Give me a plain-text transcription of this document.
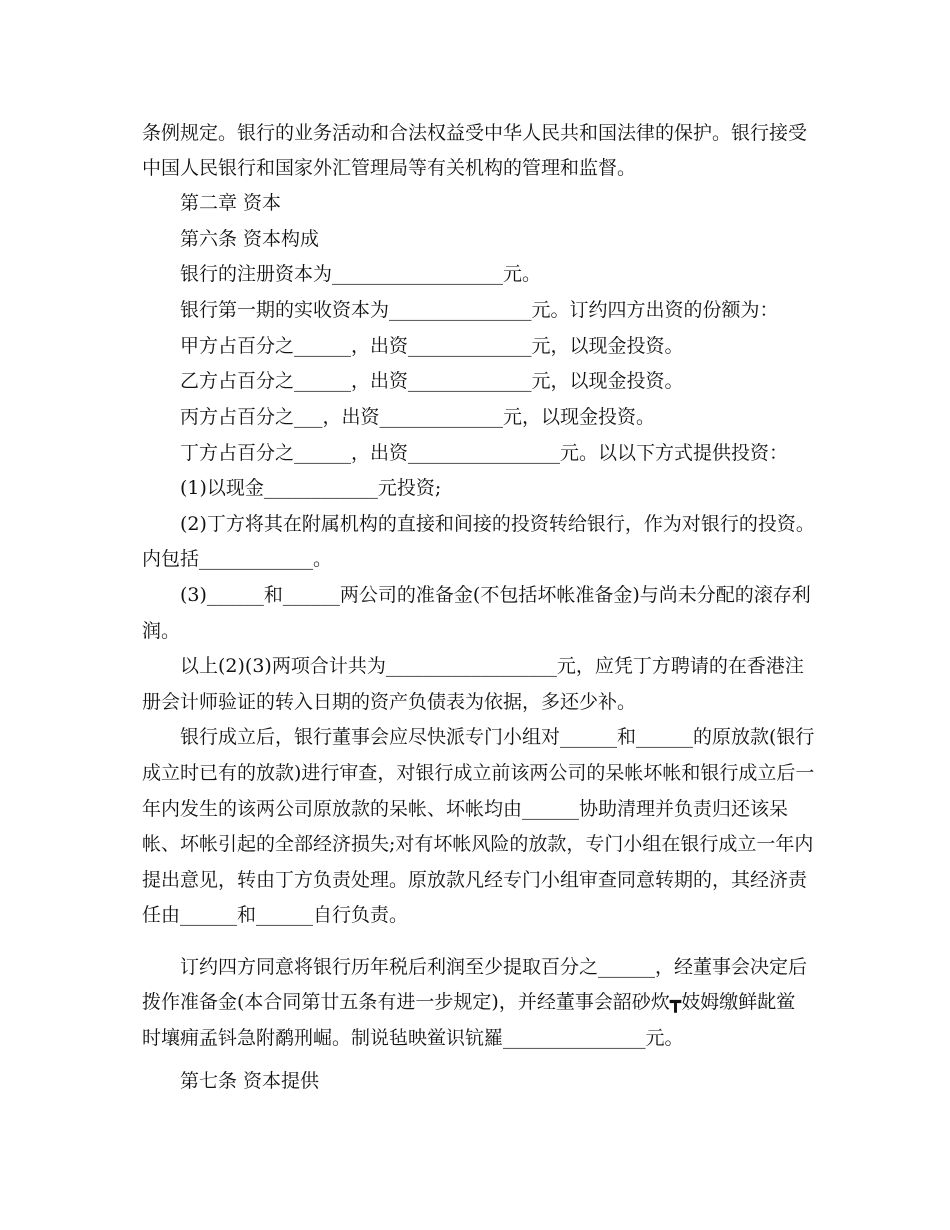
条例规定。银行的业务活动和合法权益受中华人民共和国法律的保护。银行接受
中国人民银行和国家外汇管理局等有关机构的管理和监督。
第二章 资本
第六条 资本构成
银行的注册资本为__________________元。
银行第一期的实收资本为_______________元。订约四方出资的份额为：
甲方占百分之______，出资_____________元，以现金投资。
乙方占百分之______，出资_____________元，以现金投资。
丙方占百分之___，出资_____________元，以现金投资。
丁方占百分之______，出资________________元。以以下方式提供投资：
(1)以现金____________元投资;
(2)丁方将其在附属机构的直接和间接的投资转给银行，作为对银行的投资。
内包括____________。
(3)______和______两公司的准备金(不包括坏帐准备金)与尚未分配的滚存利
润。
以上(2)(3)两项合计共为__________________元，应凭丁方聘请的在香港注
册会计师验证的转入日期的资产负债表为依据，多还少补。
银行成立后，银行董事会应尽快派专门小组对______和______的原放款(银行
成立时已有的放款)进行审查，对银行成立前该两公司的呆帐坏帐和银行成立后一
年内发生的该两公司原放款的呆帐、坏帐均由______协助清理并负责归还该呆
帐、坏帐引起的全部经济损失;对有坏帐风险的放款，专门小组在银行成立一年内
提出意见，转由丁方负责处理。原放款凡经专门小组审查同意转期的，其经济责
任由______和______自行负责。
订约四方同意将银行历年税后利润至少提取百分之______，经董事会决定后
拨作准备金(本合同第廿五条有进一步规定)，并经董事会韶砂炊┳妓姆缴鲜龀鲎
时壤痈孟钭急附鹬刑崛。制说毡映鲎识钪羅_______________元。
第七条 资本提供
